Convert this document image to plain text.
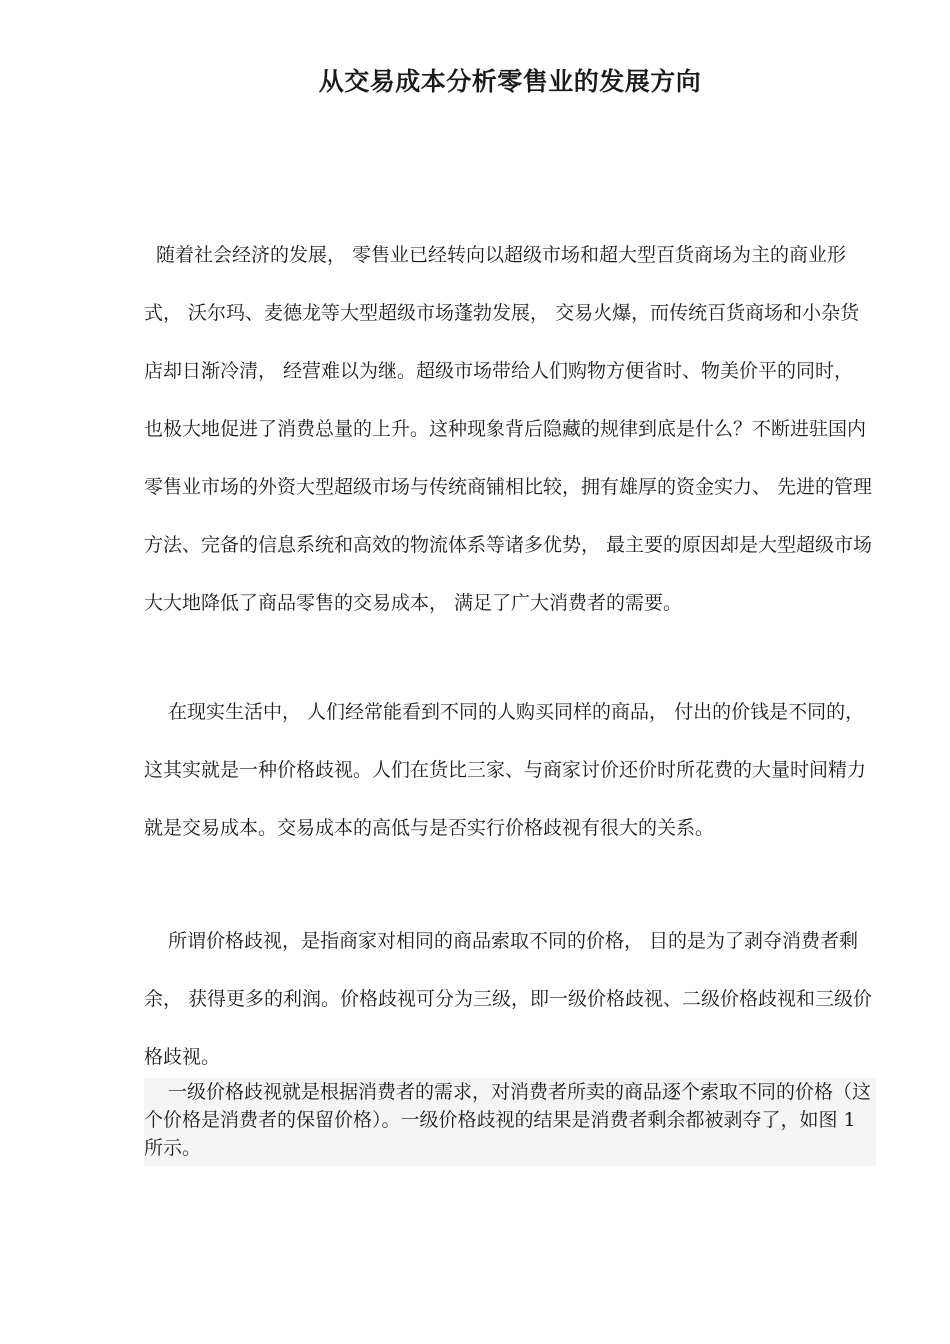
从交易成本分析零售业的发展方向

随着社会经济的发展， 零售业已经转向以超级市场和超大型百货商场为主的商业形式， 沃尔玛、麦德龙等大型超级市场蓬勃发展， 交易火爆，而传统百货商场和小杂货店却日渐冷清， 经营难以为继。超级市场带给人们购物方便省时、物美价平的同时， 也极大地促进了消费总量的上升。这种现象背后隐藏的规律到底是什么？不断进驻国内零售业市场的外资大型超级市场与传统商铺相比较，拥有雄厚的资金实力、 先进的管理方法、完备的信息系统和高效的物流体系等诸多优势， 最主要的原因却是大型超级市场大大地降低了商品零售的交易成本， 满足了广大消费者的需要。

在现实生活中， 人们经常能看到不同的人购买同样的商品， 付出的价钱是不同的，这其实就是一种价格歧视。人们在货比三家、与商家讨价还价时所花费的大量时间精力就是交易成本。交易成本的高低与是否实行价格歧视有很大的关系。

所谓价格歧视，是指商家对相同的商品索取不同的价格， 目的是为了剥夺消费者剩余， 获得更多的利润。价格歧视可分为三级，即一级价格歧视、二级价格歧视和三级价格歧视。

一级价格歧视就是根据消费者的需求，对消费者所卖的商品逐个索取不同的价格（这个价格是消费者的保留价格）。一级价格歧视的结果是消费者剩余都被剥夺了，如图 1 所示。
